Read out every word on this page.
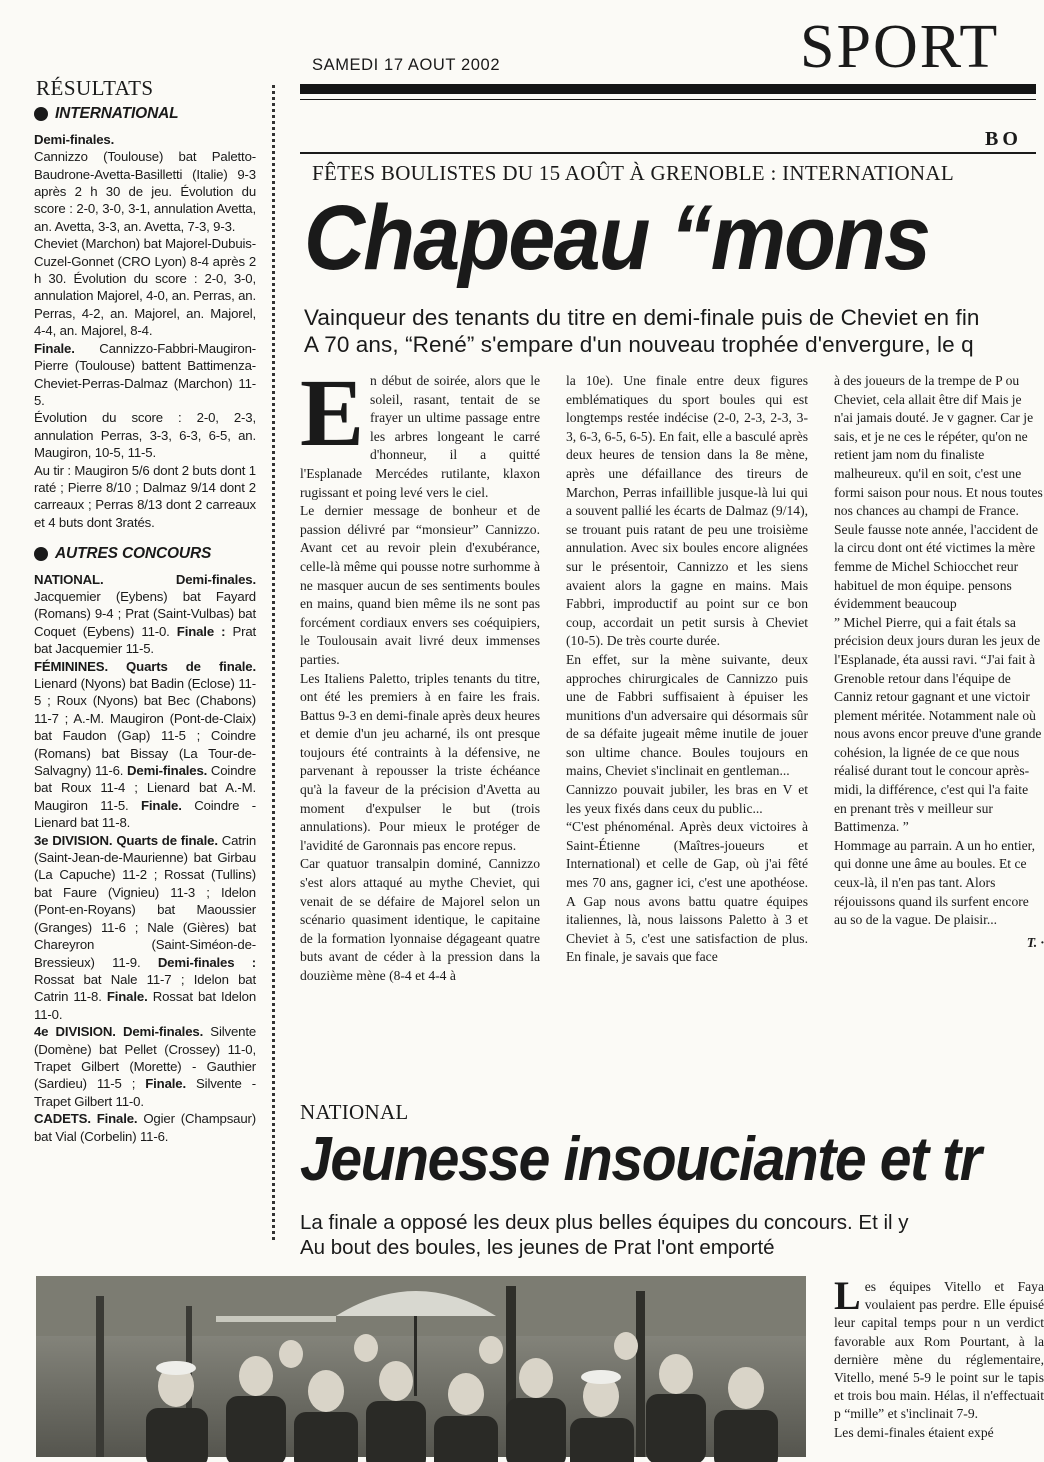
SAMEDI 17 AOUT 2002	SPORT
BO
RÉSULTATS
INTERNATIONAL

Demi-finales.

Cannizzo (Toulouse) bat Paletto-Baudrone-Avetta-Basilletti (Italie) 9-3 après 2 h 30 de jeu. Évolution du score : 2-0, 3-0, 3-1, annulation Avetta, an. Avetta, 3-3, an. Avetta, 7-3, 9-3.

Cheviet (Marchon) bat Majorel-Dubuis-Cuzel-Gonnet (CRO Lyon) 8-4 après 2 h 30. Évolution du score : 2-0, 3-0, annulation Majorel, 4-0, an. Perras, an. Perras, 4-2, an. Majorel, an. Majorel, 4-4, an. Majorel, 8-4.

Finale. Cannizzo-Fabbri-Maugiron-Pierre (Toulouse) battent Battimenza-Cheviet-Perras-Dalmaz (Marchon) 11-5.

Évolution du score : 2-0, 2-3, annulation Perras, 3-3, 6-3, 6-5, an. Maugiron, 10-5, 11-5.

Au tir : Maugiron 5/6 dont 2 buts dont 1 raté ; Pierre 8/10 ; Dalmaz 9/14 dont 2 carreaux ; Perras 8/13 dont 2 carreaux et 4 buts dont 3ratés.

AUTRES CONCOURS

NATIONAL. Demi-finales. Jacquemier (Eybens) bat Fayard (Romans) 9-4 ; Prat (Saint-Vulbas) bat Coquet (Eybens) 11-0. Finale : Prat bat Jacquemier 11-5.

FÉMININES. Quarts de finale. Lienard (Nyons) bat Badin (Eclose) 11-5 ; Roux (Nyons) bat Bec (Chabons) 11-7 ; A.-M. Maugiron (Pont-de-Claix) bat Faudon (Gap) 11-5 ; Coindre (Romans) bat Bissay (La Tour-de-Salvagny) 11-6. Demi-finales. Coindre bat Roux 11-4 ; Lienard bat A.-M. Maugiron 11-5. Finale. Coindre - Lienard bat 11-8.

3e DIVISION. Quarts de finale. Catrin (Saint-Jean-de-Maurienne) bat Girbau (La Capuche) 11-2 ; Rossat (Tullins) bat Faure (Vignieu) 11-3 ; Idelon (Pont-en-Royans) bat Maoussier (Granges) 11-6 ; Nale (Gières) bat Chareyron (Saint-Siméon-de-Bressieux) 11-9. Demi-finales : Rossat bat Nale 11-7 ; Idelon bat Catrin 11-8. Finale. Rossat bat Idelon 11-0.

4e DIVISION. Demi-finales. Silvente (Domène) bat Pellet (Crossey) 11-0, Trapet Gilbert (Morette) - Gauthier (Sardieu) 11-5 ; Finale. Silvente - Trapet Gilbert 11-0.

CADETS. Finale. Ogier (Champsaur) bat Vial (Corbelin) 11-6.

FÊTES BOULISTES DU 15 AOÛT À GRENOBLE : INTERNATIONAL
Chapeau “mons
Vainqueur des tenants du titre en demi-finale puis de Cheviet en fin
A 70 ans, “René” s'empare d'un nouveau trophée d'envergure, le q
E n début de soirée, alors que le soleil, rasant, tentait de se frayer un ultime passage entre les arbres longeant le carré d'honneur, il a quitté l'Esplanade Mercédes rutilante, klaxon rugissant et poing levé vers le ciel.

Le dernier message de bonheur et de passion délivré par “monsieur” Cannizzo. Avant cet au revoir plein d'exubérance, celle-là même qui pousse notre surhomme à ne masquer aucun de ses sentiments boules en mains, quand bien même ils ne sont pas forcément cordiaux envers ses coéquipiers, le Toulousain avait livré deux immenses parties.

Les Italiens Paletto, triples tenants du titre, ont été les premiers à en faire les frais. Battus 9-3 en demi-finale après deux heures et demie d'un jeu acharné, ils ont presque toujours été contraints à la défensive, ne parvenant à repousser la triste échéance qu'à la faveur de la précision d'Avetta au moment d'expulser le but (trois annulations). Pour mieux le protéger de l'avidité de Garonnais pas encore repus.

Car quatuor transalpin dominé, Cannizzo s'est alors attaqué au mythe Cheviet, qui venait de se défaire de Majorel selon un scénario quasiment identique, le capitaine de la formation lyonnaise dégageant quatre buts avant de céder à la pression dans la douzième mène (8-4 et 4-4 à

la 10e). Une finale entre deux figures emblématiques du sport boules qui est longtemps restée indécise (2-0, 2-3, 2-3, 3-3, 6-3, 6-5, 6-5). En fait, elle a basculé après deux heures de tension dans la 8e mène, après une défaillance des tireurs de Marchon, Perras infaillible jusque-là lui qui a souvent pallié les écarts de Dalmaz (9/14), se trouant puis ratant de peu une troisième annulation. Avec six boules encore alignées sur le présentoir, Cannizzo et les siens avaient alors la gagne en mains. Mais Fabbri, improductif au point sur ce bon coup, accordait un petit sursis à Cheviet (10-5). De très courte durée.

En effet, sur la mène suivante, deux approches chirurgicales de Cannizzo puis une de Fabbri suffisaient à épuiser les munitions d'un adversaire qui désormais sûr de sa défaite jugeait même inutile de jouer son ultime chance. Boules toujours en mains, Cheviet s'inclinait en gentleman...

Cannizzo pouvait jubiler, les bras en V et les yeux fixés dans ceux du public...

“C'est phénoménal. Après deux victoires à Saint-Étienne (Maîtres-joueurs et International) et celle de Gap, où j'ai fêté mes 70 ans, gagner ici, c'est une apothéose. A Gap nous avons battu quatre équipes italiennes, là, nous laissons Paletto à 3 et Cheviet à 5, c'est une satisfaction de plus. En finale, je savais que face

à des joueurs de la trempe de P ou Cheviet, cela allait être dif Mais je n'ai jamais douté. Je v gagner. Car je sais, et je ne ces le répéter, qu'on ne retient jam nom du finaliste malheureux. qu'il en soit, c'est une formi saison pour nous. Et nous toutes nos chances au champi de France. Seule fausse note année, l'accident de la circu dont ont été victimes la mère femme de Michel Schiocchet reur habituel de mon équipe. pensons évidemment beaucoup

” Michel Pierre, qui a fait étals sa précision deux jours duran les jeux de l'Esplanade, éta aussi ravi. “J'ai fait à Grenoble retour dans l'équipe de Canniz retour gagnant et une victoir plement méritée. Notamment nale où nous avons encor preuve d'une grande cohésion, la lignée de ce que nous réalisé durant tout le concour après-midi, la différence, c'est qui l'a faite en prenant très v meilleur sur Battimenza. ”

Hommage au parrain. A un ho entier, qui donne une âme au boules. Et ce ceux-là, il n'en pas tant. Alors réjouissons quand ils surfent encore au so de la vague. De plaisir...

T. ·
NATIONAL
Jeunesse insouciante et tr
La finale a opposé les deux plus belles équipes du concours. Et il y
Au bout des boules, les jeunes de Prat l'ont emporté
L es équipes Vitello et Faya voulaient pas perdre. Elle épuisé leur capital temps pour n un verdict favorable aux Rom Pourtant, à la dernière mène du réglementaire, Vitello, mené 5-9 le point sur le tapis et trois bou main. Hélas, il n'effectuait p “mille” et s'inclinait 7-9.

Les demi-finales étaient expé
